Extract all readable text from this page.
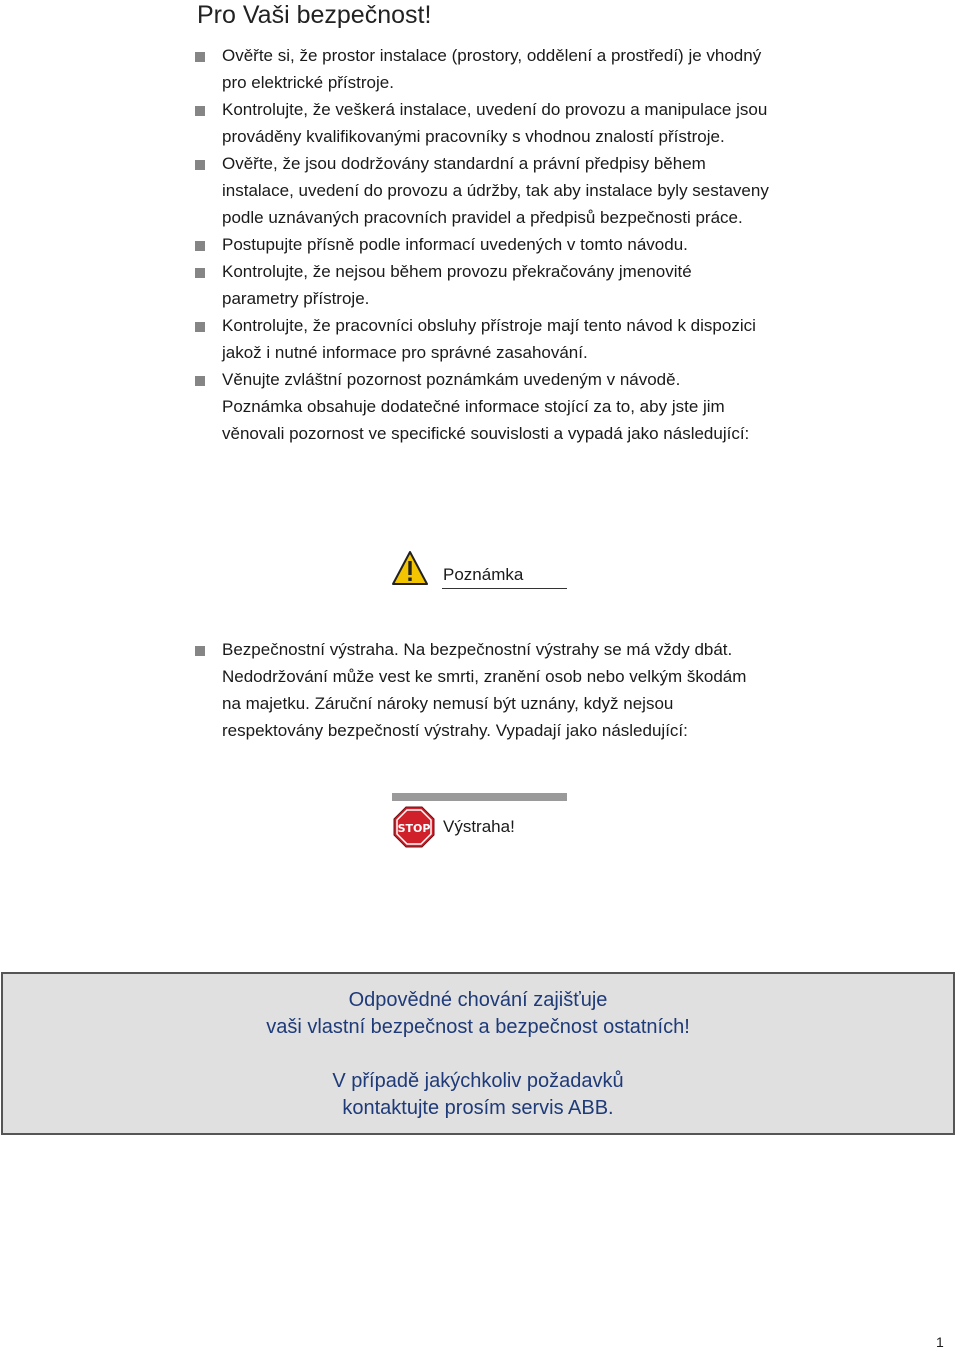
Pro Vaši bezpečnost!
Ověřte si, že prostor instalace (prostory, oddělení a prostředí) je vhodný pro elektrické přístroje.
Kontrolujte, že veškerá instalace, uvedení do provozu a manipulace jsou prováděny kvalifikovanými pracovníky s vhodnou znalostí přístroje.
Ověřte, že jsou dodržovány standardní a právní předpisy během instalace, uvedení do provozu a údržby, tak aby instalace byly sestaveny podle uznávaných pracovních pravidel a předpisů bezpečnosti práce.
Postupujte přísně podle informací uvedených v tomto návodu.
Kontrolujte, že nejsou během provozu překračovány jmenovité parametry přístroje.
Kontrolujte, že pracovníci obsluhy přístroje mají tento návod k dispozici jakož i nutné informace pro správné zasahování.
Věnujte zvláštní pozornost poznámkám uvedeným v návodě.

Poznámka obsahuje dodatečné informace stojící za to, aby jste jim věnovali pozornost ve specifické souvislosti a vypadá jako následující:

Poznámka
Bezpečnostní výstraha. Na bezpečnostní výstrahy se má vždy dbát. Nedodržování může vest ke smrti, zranění osob nebo velkým škodám na majetku. Záruční nároky nemusí být uznány, když nejsou respektovány bezpečností výstrahy. Vypadají jako následující:
STOP Výstraha!

Odpovědné chování zajišťuje

vaši vlastní bezpečnost a bezpečnost ostatních!

V případě jakýchkoliv požadavků

kontaktujte prosím servis ABB.

1
